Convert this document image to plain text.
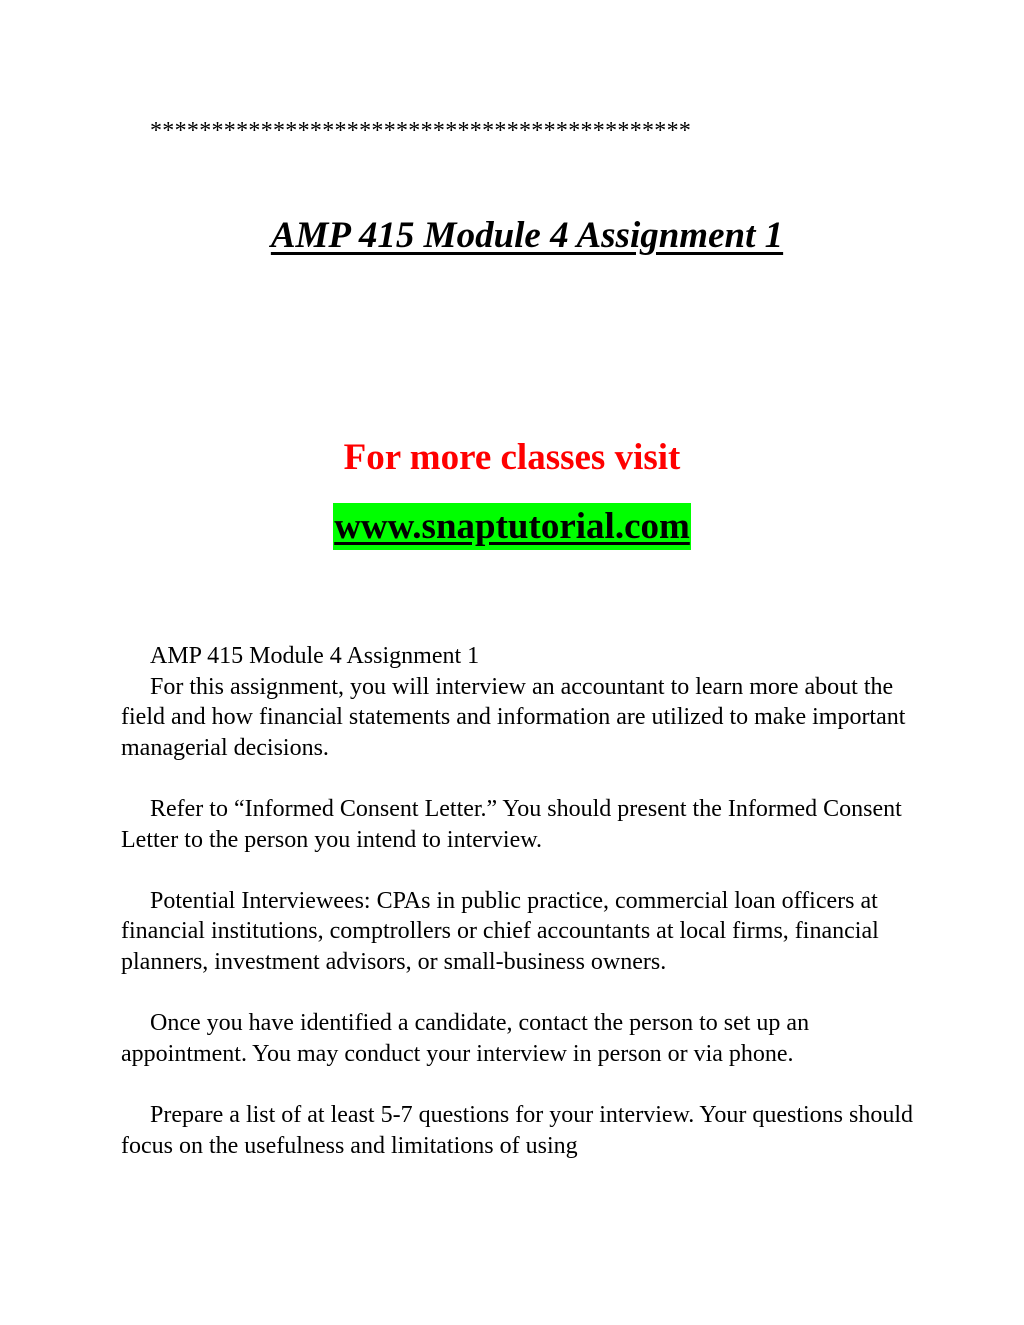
********************************************
AMP 415 Module 4 Assignment 1
For more classes visit
www.snaptutorial.com

AMP 415 Module 4 Assignment 1

For this assignment, you will interview an accountant to learn more about the field and how financial statements and information are utilized to make important managerial decisions.

Refer to “Informed Consent Letter.” You should present the Informed Consent Letter to the person you intend to interview.

Potential Interviewees: CPAs in public practice, commercial loan officers at financial institutions, comptrollers or chief accountants at local firms, financial planners, investment advisors, or small-business owners.

Once you have identified a candidate, contact the person to set up an appointment. You may conduct your interview in person or via phone.

Prepare a list of at least 5-7 questions for your interview. Your questions should focus on the usefulness and limitations of using
